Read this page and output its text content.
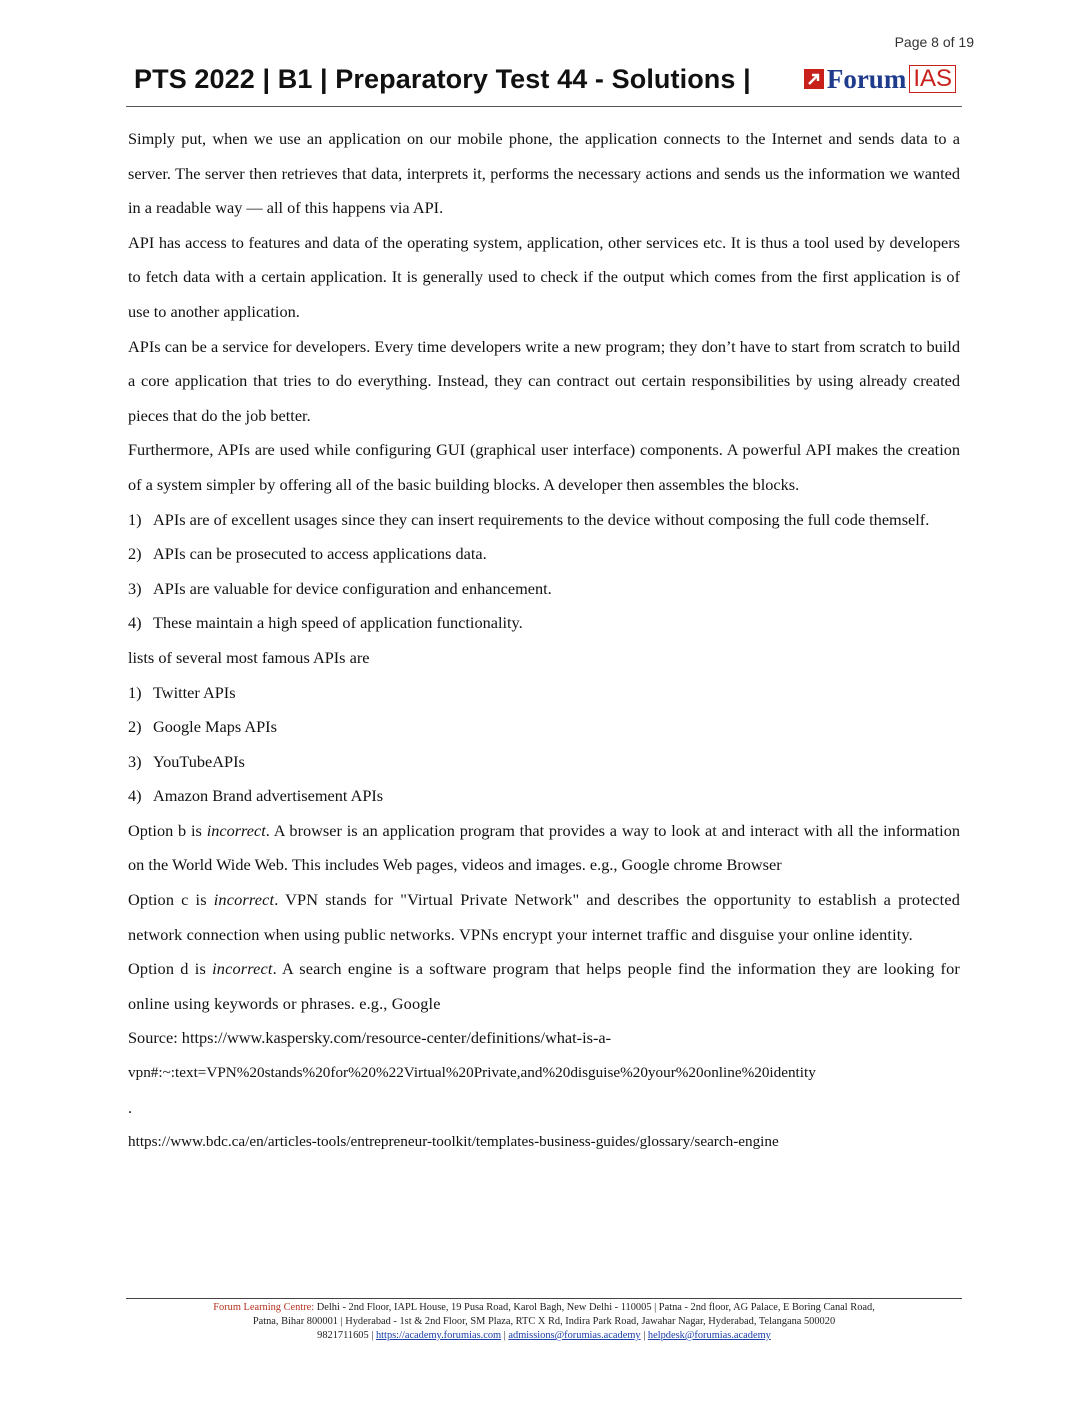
Page 8 of 19
PTS 2022 | B1 | Preparatory Test 44 - Solutions |	Forum IAS

Simply put, when we use an application on our mobile phone, the application connects to the Internet and sends data to a server. The server then retrieves that data, interprets it, performs the necessary actions and sends us the information we wanted in a readable way — all of this happens via API.

API has access to features and data of the operating system, application, other services etc. It is thus a tool used by developers to fetch data with a certain application. It is generally used to check if the output which comes from the first application is of use to another application.

APIs can be a service for developers. Every time developers write a new program; they don’t have to start from scratch to build a core application that tries to do everything. Instead, they can contract out certain responsibilities by using already created pieces that do the job better.

Furthermore, APIs are used while configuring GUI (graphical user interface) components. A powerful API makes the creation of a system simpler by offering all of the basic building blocks. A developer then assembles the blocks.

1) APIs are of excellent usages since they can insert requirements to the device without composing the full code themself.
2) APIs can be prosecuted to access applications data.
3) APIs are valuable for device configuration and enhancement.
4) These maintain a high speed of application functionality.

lists of several most famous APIs are

1) Twitter APIs
2) Google Maps APIs
3) YouTubeAPIs
4) Amazon Brand advertisement APIs

Option b is incorrect. A browser is an application program that provides a way to look at and interact with all the information on the World Wide Web. This includes Web pages, videos and images. e.g., Google chrome Browser

Option c is incorrect. VPN stands for "Virtual Private Network" and describes the opportunity to establish a protected network connection when using public networks. VPNs encrypt your internet traffic and disguise your online identity.

Option d is incorrect. A search engine is a software program that helps people find the information they are looking for online using keywords or phrases. e.g., Google

Source: https://www.kaspersky.com/resource-center/definitions/what-is-a-

vpn#:~:text=VPN%20stands%20for%20%22Virtual%20Private,and%20disguise%20your%20online%20identity

.

https://www.bdc.ca/en/articles-tools/entrepreneur-toolkit/templates-business-guides/glossary/search-engine

Forum Learning Centre: Delhi - 2nd Floor, IAPL House, 19 Pusa Road, Karol Bagh, New Delhi - 110005 | Patna - 2nd floor, AG Palace, E Boring Canal Road,
Patna, Bihar 800001 | Hyderabad - 1st & 2nd Floor, SM Plaza, RTC X Rd, Indira Park Road, Jawahar Nagar, Hyderabad, Telangana 500020
9821711605 | https://academy.forumias.com | admissions@forumias.academy | helpdesk@forumias.academy
